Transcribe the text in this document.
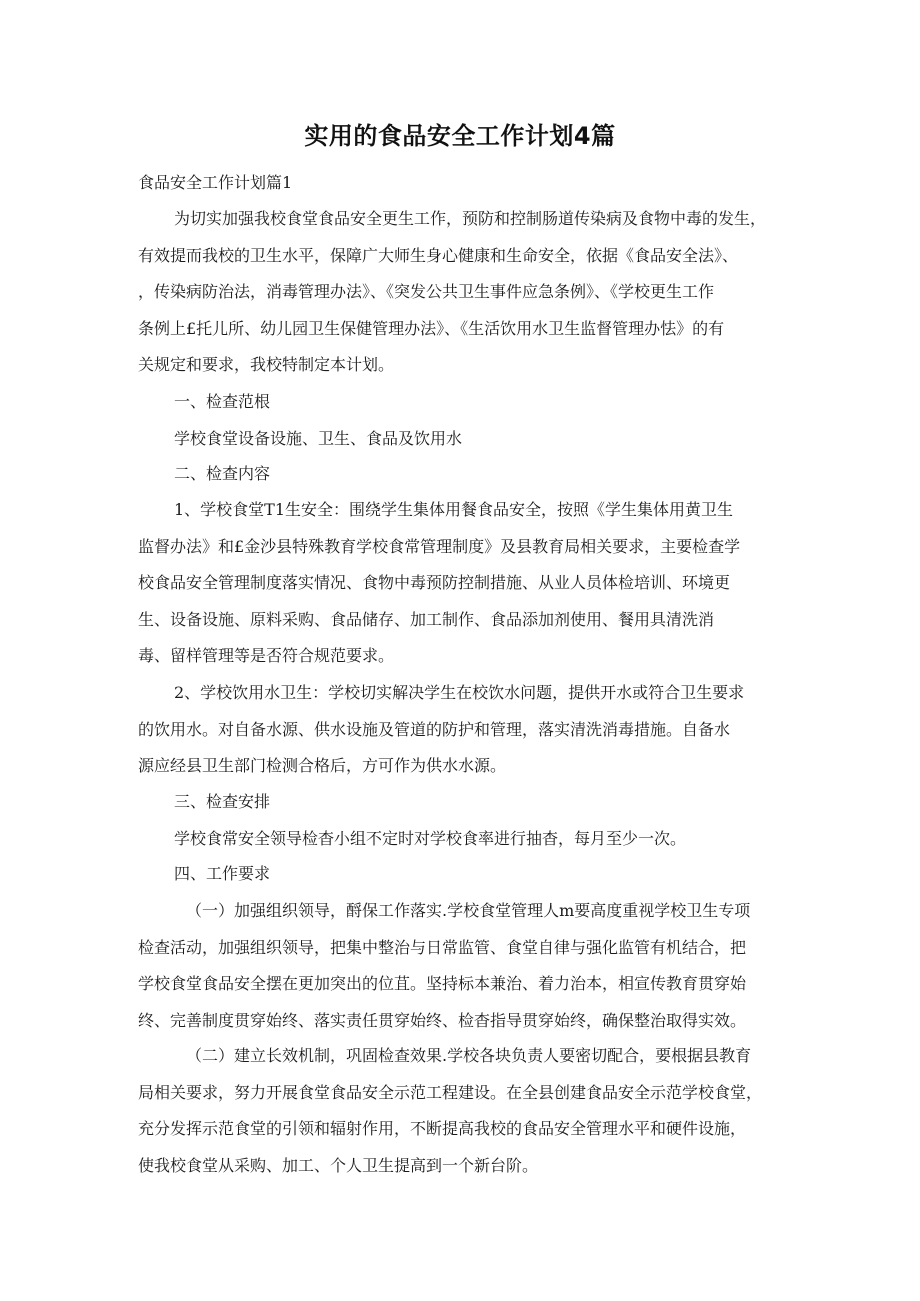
实用的食品安全工作计划4篇

食品安全工作计划篇1

为切实加强我校食堂食品安全更生工作，预防和控制肠道传染病及食物中毒的发生，
有效提而我校的卫生水平，保障广大师生身心健康和生命安全，依据《食品安全法》、
，传染病防治法，消毒管理办法》、《突发公共卫生事件应急条例》、《学校更生工作
条例上£托儿所、幼儿园卫生保健管理办法》、《生活饮用水卫生监督管理办怯》的有
关规定和要求，我校特制定本计划。
一、检查范根
学校食堂设备设施、卫生、食品及饮用水
二、检查内容
1、学校食堂T1生安全：围绕学生集体用餐食品安全，按照《学生集体用黄卫生
监督办法》和£金沙县特殊教育学校食常管理制度》及县教育局相关要求，主要检查学
校食品安全管理制度落实情况、食物中毒预防控制措施、从业人员体检培训、环境更
生、设备设施、原料采购、食品储存、加工制作、食品添加剂使用、餐用具清洗消
毒、留样管理等是否符合规范要求。
2、学校饮用水卫生：学校切实解决学生在校饮水问题，提供开水或符合卫生要求
的饮用水。对自备水源、供水设施及管道的防护和管理，落实清洗消毒措施。自备水
源应经县卫生部门检测合格后，方可作为供水水源。
三、检查安排
学校食常安全领导检杳小组不定时对学校食率进行抽杳，每月至少一次。
四、工作要求
（一）加强组织领导，酹保工作落实.学校食堂管理人m要高度重视学校卫生专项
检查活动，加强组织领导，把集中整治与日常监管、食堂自律与强化监管有机结合，把
学校食堂食品安全摆在更加突出的位苴。坚持标本兼治、着力治本，相宣传教育贯穿始
终、完善制度贯穿始终、落实责任贯穿始终、检杳指导贯穿始终，确保整治取得实效。
（二）建立长效机制，巩固检查效果.学校各块负责人要密切配合，要根据县教育
局相关要求，努力开展食堂食品安全示范工程建设。在全县创建食品安全示范学校食堂，
充分发挥示范食堂的引领和辐射作用，不断提高我校的食品安全管理水平和硬件设施，
使我校食堂从采购、加工、个人卫生提高到一个新台阶。
